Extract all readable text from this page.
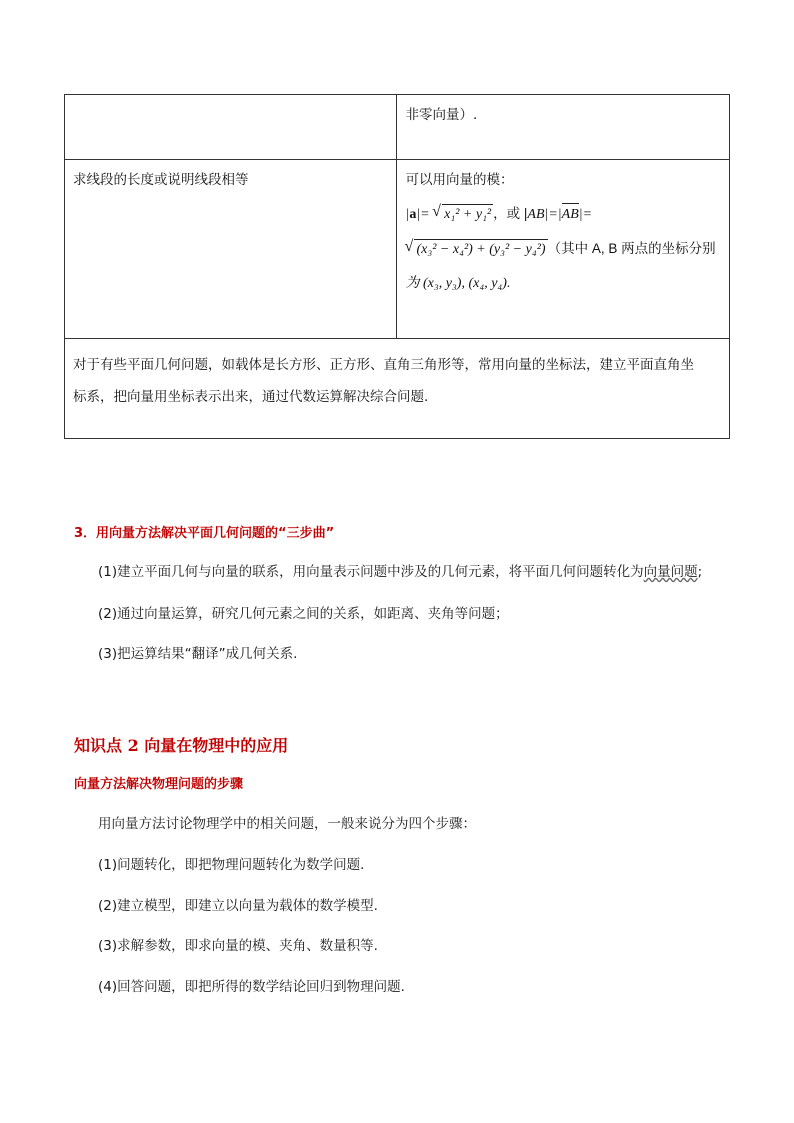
	非零向量）.

求线段的长度或说明线段相等	可以用向量的模：
|a|= √ x₁² + y₁² ，或 |AB|=|AB|=
√ (x₃² − x₄²) + (y₃² − y₄²) （其中 A, B 两点的坐标分别
为 (x₃, y₃), (x₄, y₄).

对于有些平面几何问题，如载体是长方形、正方形、直角三角形等，常用向量的坐标法，建立平面直角坐
标系，把向量用坐标表示出来，通过代数运算解决综合问题.	
3．用向量方法解决平面几何问题的“三步曲”
(1)建立平面几何与向量的联系，用向量表示问题中涉及的几何元素，将平面几何问题转化为向量问题;
(2)通过向量运算，研究几何元素之间的关系，如距离、夹角等问题；
(3)把运算结果“翻译”成几何关系.
知识点 2 向量在物理中的应用
向量方法解决物理问题的步骤
用向量方法讨论物理学中的相关问题，一般来说分为四个步骤：
(1)问题转化，即把物理问题转化为数学问题.
(2)建立模型，即建立以向量为载体的数学模型.
(3)求解参数，即求向量的模、夹角、数量积等.
(4)回答问题，即把所得的数学结论回归到物理问题.
